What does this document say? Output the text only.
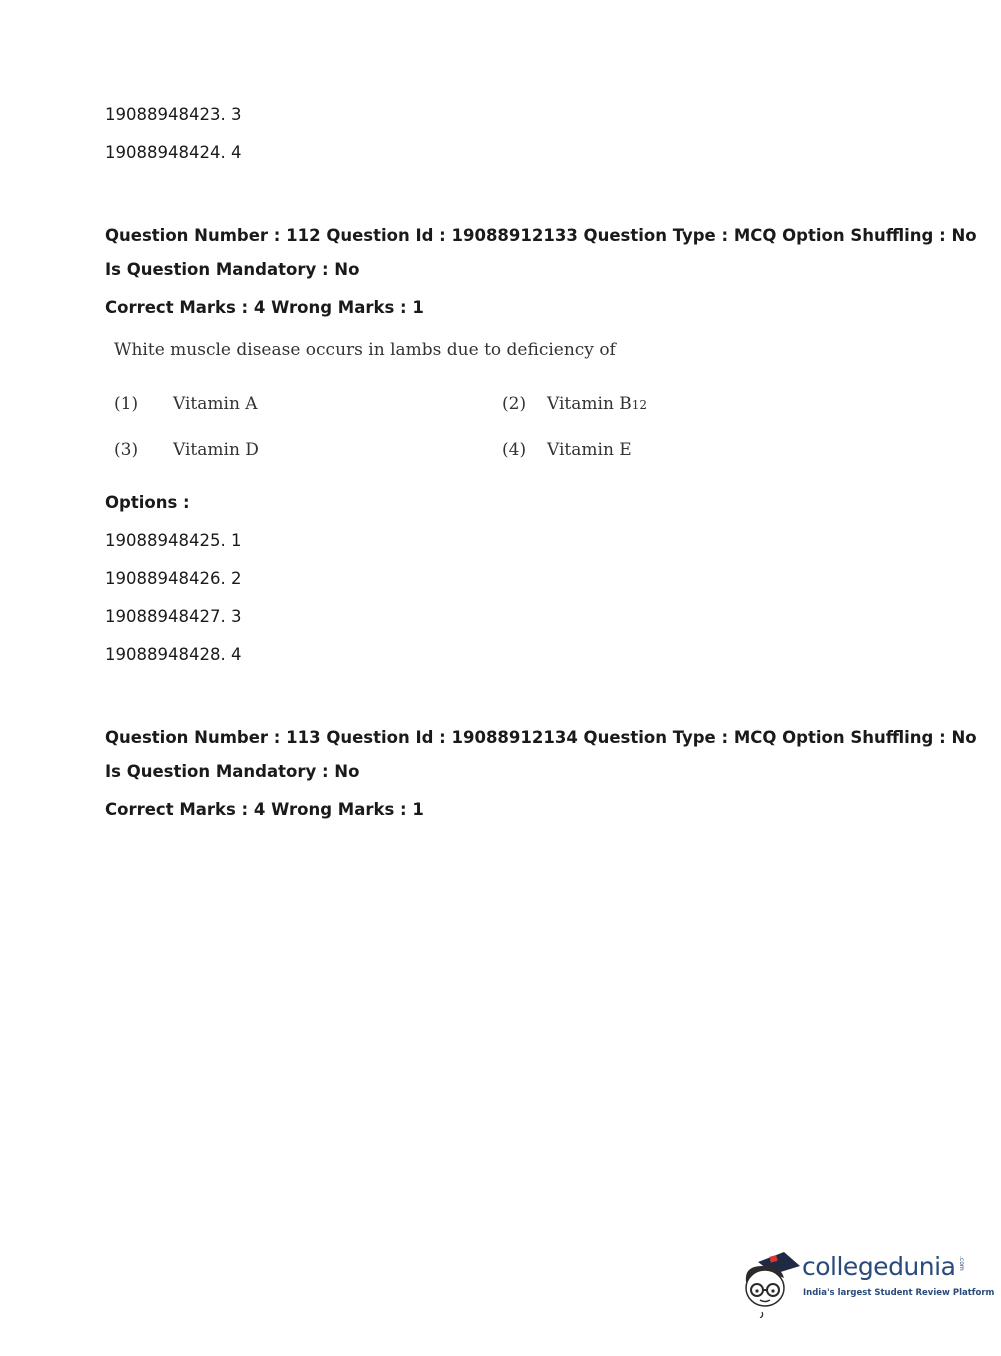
19088948423. 3
19088948424. 4
Question Number : 112 Question Id : 19088912133 Question Type : MCQ Option Shuffling : No
Is Question Mandatory : No
Correct Marks : 4 Wrong Marks : 1
White muscle disease occurs in lambs due to deficiency of
(1) Vitamin A	(2) Vitamin B12
(3) Vitamin D	(4) Vitamin E
Options :
19088948425. 1
19088948426. 2
19088948427. 3
19088948428. 4
Question Number : 113 Question Id : 19088912134 Question Type : MCQ Option Shuffling : No
Is Question Mandatory : No
Correct Marks : 4 Wrong Marks : 1
collegedunia .com
India's largest Student Review Platform
